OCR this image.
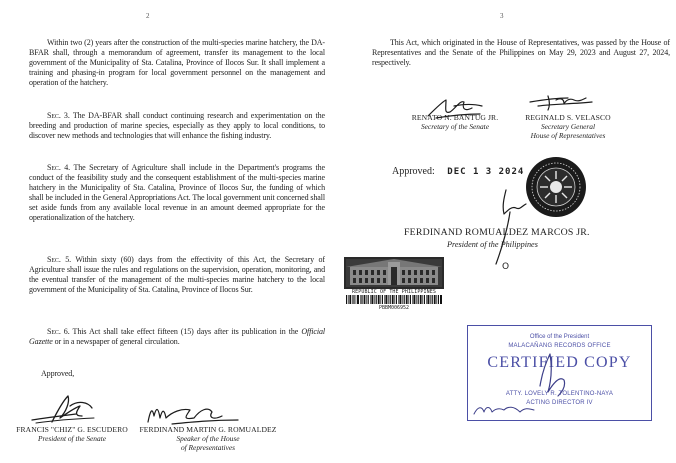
2

Within two (2) years after the construction of the multi-species marine hatchery, the DA-BFAR shall, through a memorandum of agreement, transfer its management to the local government of the Municipality of Sta. Catalina, Province of Ilocos Sur. It shall implement a training and phasing-in program for local government personnel on the management and operation of the hatchery.

Sec. 3. The DA-BFAR shall conduct continuing research and experimentation on the breeding and production of marine species, especially as they apply to local conditions, to discover new methods and technologies that will enhance the fishing industry.

Sec. 4. The Secretary of Agriculture shall include in the Department's programs the conduct of the feasibility study and the consequent establishment of the multi-species marine hatchery in the Municipality of Sta. Catalina, Province of Ilocos Sur, the funding of which shall be included in the General Appropriations Act. The local government unit concerned shall set aside funds from any available local revenue in an amount deemed appropriate for the operationalization of the hatchery.

Sec. 5. Within sixty (60) days from the effectivity of this Act, the Secretary of Agriculture shall issue the rules and regulations on the supervision, operation, monitoring, and the eventual transfer of the management of the multi-species marine hatchery to the local government of the Municipality of Sta. Catalina, Province of Ilocos Sur.

Sec. 6. This Act shall take effect fifteen (15) days after its publication in the Official Gazette or in a newspaper of general circulation.

Approved,

FRANCIS "CHIZ" G. ESCUDERO
President of the Senate
FERDINAND MARTIN G. ROMUALDEZ
Speaker of the House
of Representatives
3

This Act, which originated in the House of Representatives, was passed by the House of Representatives and the Senate of the Philippines on May 29, 2023 and August 27, 2024, respectively.

RENATO N. BANTUG JR.
Secretary of the Senate
REGINALD S. VELASCO
Secretary General
House of Representatives
Approved: DEC 1 3 2024
FERDINAND ROMUALDEZ MARCOS JR.
President of the Philippines
O
REPUBLIC OF THE PHILIPPINES
PBBM006952
Office of the President
MALACAÑANG RECORDS OFFICE
CERTIFIED COPY
ATTY. LOVELY R. TOLENTINO-NAYA
ACTING DIRECTOR IV
